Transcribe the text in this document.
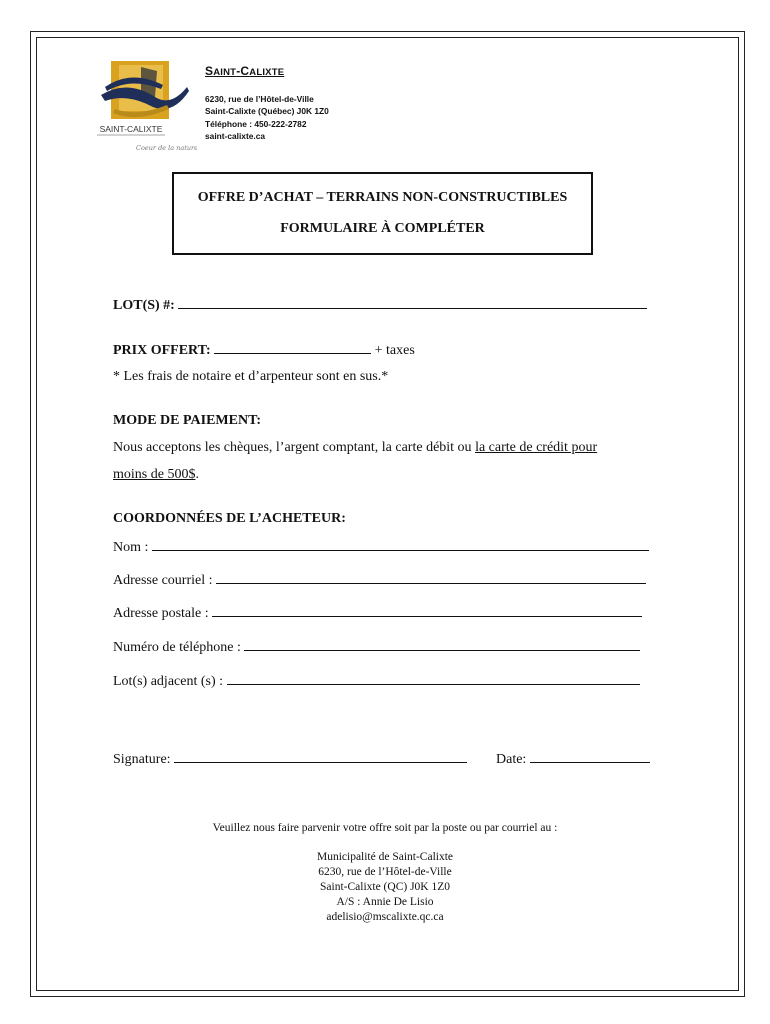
SAINT-CALIXTE
Coeur de la nature
SAINT-CALIXTE
6230, rue de l’Hôtel-de-Ville
Saint-Calixte (Québec) J0K 1Z0
Téléphone : 450-222-2782
saint-calixte.ca
OFFRE D’ACHAT – TERRAINS NON-CONSTRUCTIBLES
FORMULAIRE À COMPLÉTER
LOT(S) #:
PRIX OFFERT:	+ taxes
* Les frais de notaire et d’arpenteur sont en sus.*
MODE DE PAIEMENT:
Nous acceptons les chèques, l’argent comptant, la carte débit ou la carte de crédit pour
moins de 500$.
COORDONNÉES DE L’ACHETEUR:
Nom :
Adresse courriel :
Adresse postale :
Numéro de téléphone :
Lot(s) adjacent (s) :
Signature:	Date:
Veuillez nous faire parvenir votre offre soit par la poste ou par courriel au :
Municipalité de Saint-Calixte
6230, rue de l’Hôtel-de-Ville
Saint-Calixte (QC) J0K 1Z0
A/S : Annie De Lisio
adelisio@mscalixte.qc.ca
